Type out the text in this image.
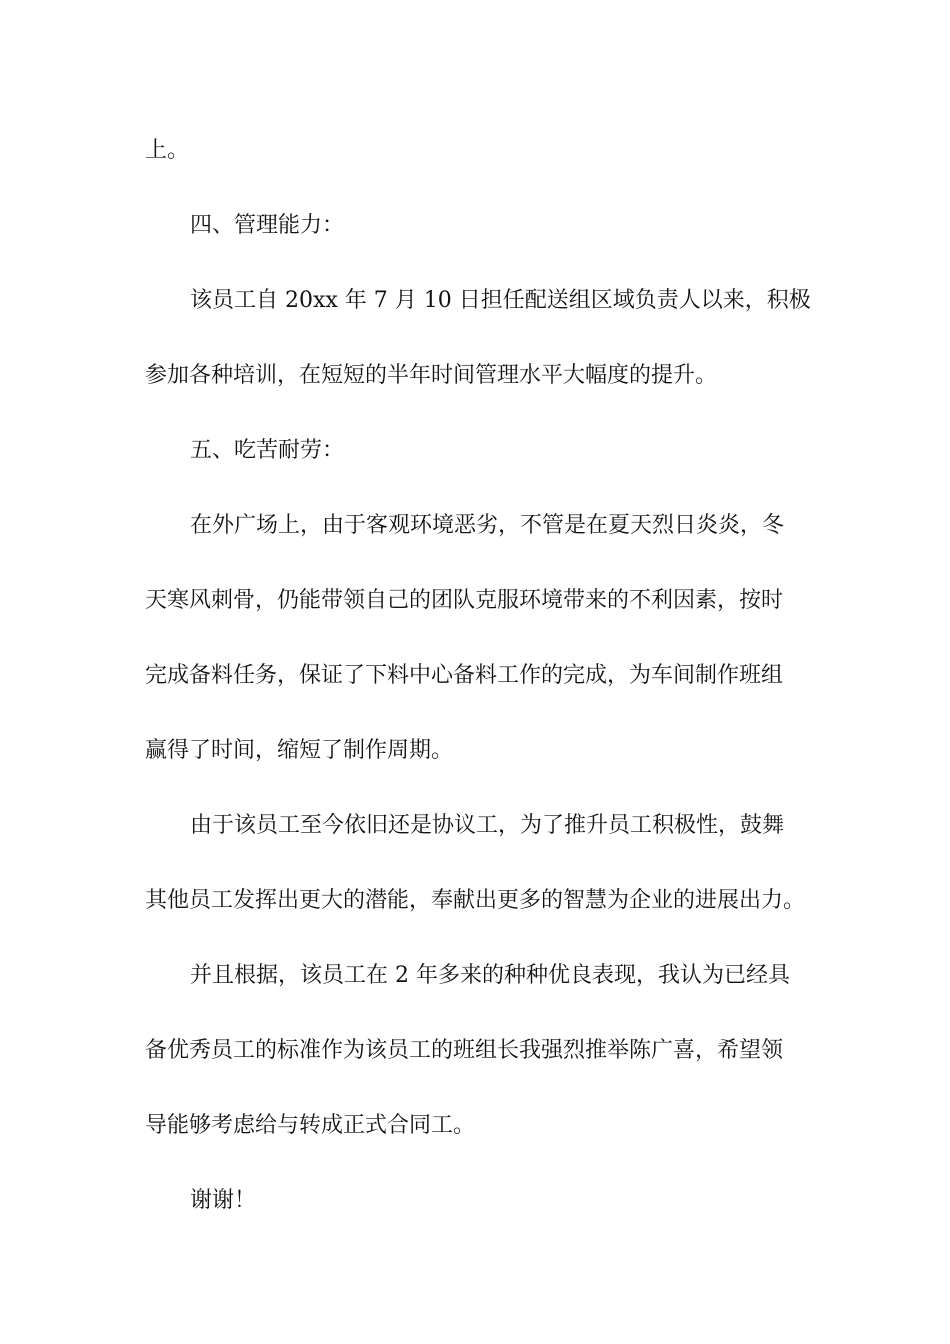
上。

四、管理能力：

该员工自 20xx 年 7 月 10 日担任配送组区域负责人以来，积极

参加各种培训，在短短的半年时间管理水平大幅度的提升。

五、吃苦耐劳：

在外广场上，由于客观环境恶劣，不管是在夏天烈日炎炎，冬

天寒风刺骨，仍能带领自己的团队克服环境带来的不利因素，按时

完成备料任务，保证了下料中心备料工作的完成，为车间制作班组

赢得了时间，缩短了制作周期。

由于该员工至今依旧还是协议工，为了推升员工积极性，鼓舞

其他员工发挥出更大的潜能，奉献出更多的智慧为企业的进展出力。

并且根据，该员工在 2 年多来的种种优良表现，我认为已经具

备优秀员工的标准作为该员工的班组长我强烈推举陈广喜，希望领

导能够考虑给与转成正式合同工。

谢谢！
